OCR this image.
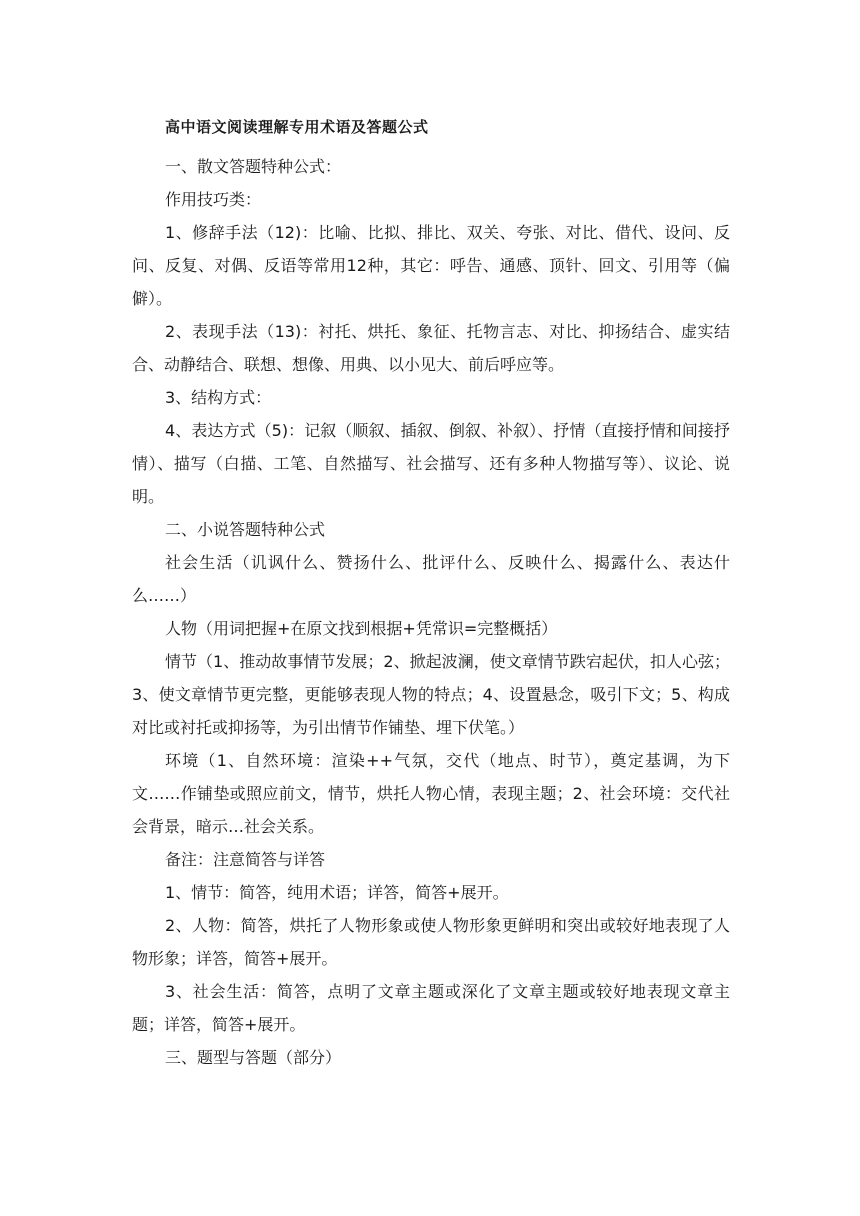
高中语文阅读理解专用术语及答题公式

一、散文答题特种公式：

作用技巧类：

1、修辞手法（12)：比喻、比拟、排比、双关、夸张、对比、借代、设问、反问、反复、对偶、反语等常用12种，其它：呼告、通感、顶针、回文、引用等（偏僻）。

2、表现手法（13)：衬托、烘托、象征、托物言志、对比、抑扬结合、虚实结合、动静结合、联想、想像、用典、以小见大、前后呼应等。

3、结构方式：

4、表达方式（5)：记叙（顺叙、插叙、倒叙、补叙）、抒情（直接抒情和间接抒情）、描写（白描、工笔、自然描写、社会描写、还有多种人物描写等）、议论、说明。

二、小说答题特种公式

社会生活（讥讽什么、赞扬什么、批评什么、反映什么、揭露什么、表达什么……）

人物（用词把握+在原文找到根据+凭常识=完整概括）

情节（1、推动故事情节发展；2、掀起波澜，使文章情节跌宕起伏，扣人心弦；3、使文章情节更完整，更能够表现人物的特点；4、设置悬念，吸引下文；5、构成对比或衬托或抑扬等，为引出情节作铺垫、埋下伏笔。）

环境（1、自然环境：渲染++气氛，交代（地点、时节），奠定基调，为下文……作铺垫或照应前文，情节，烘托人物心情，表现主题；2、社会环境：交代社会背景，暗示…社会关系。

备注：注意简答与详答

1、情节：简答，纯用术语；详答，简答+展开。

2、人物：简答，烘托了人物形象或使人物形象更鲜明和突出或较好地表现了人物形象；详答，简答+展开。

3、社会生活：简答，点明了文章主题或深化了文章主题或较好地表现文章主题；详答，简答+展开。

三、题型与答题（部分）
